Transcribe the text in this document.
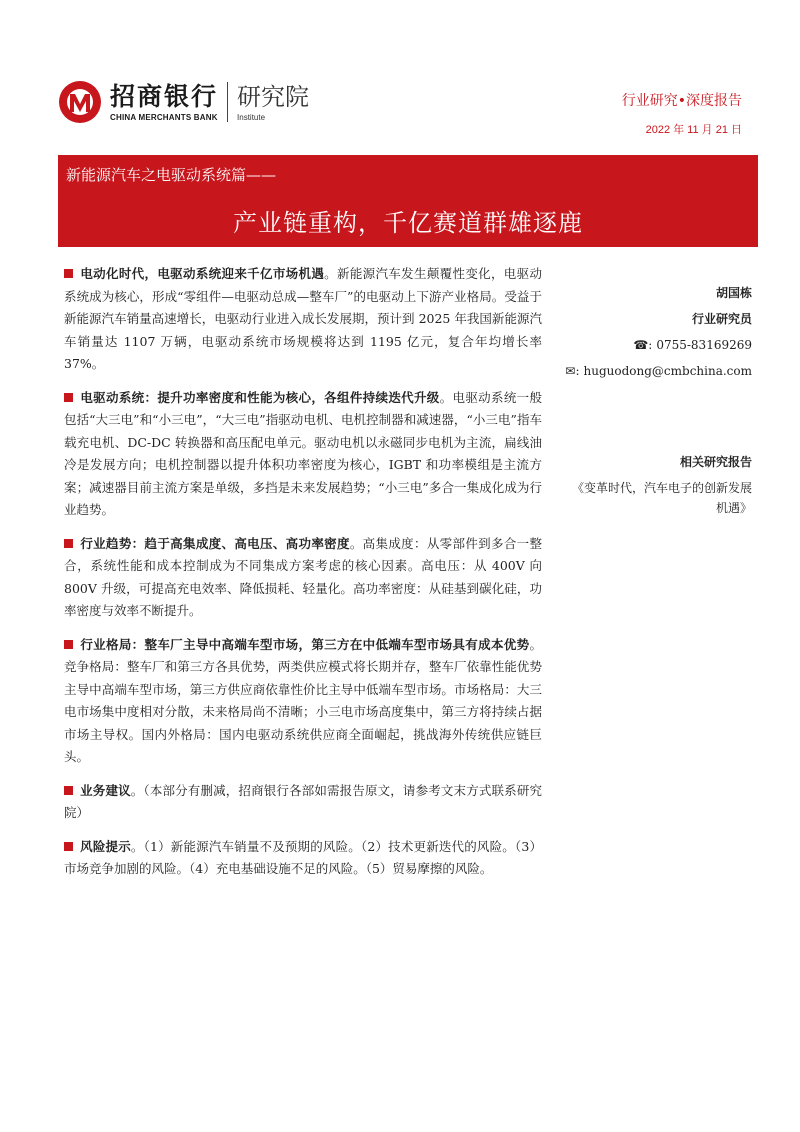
招商银行
CHINA MERCHANTS BANK
研究院
Institute
行业研究•深度报告
2022 年 11 月 21 日
新能源汽车之电驱动系统篇——
产业链重构，千亿赛道群雄逐鹿

电动化时代，电驱动系统迎来千亿市场机遇。新能源汽车发生颠覆性变化，电驱动系统成为核心，形成“零组件—电驱动总成—整车厂”的电驱动上下游产业格局。受益于新能源汽车销量高速增长，电驱动行业进入成长发展期，预计到 2025 年我国新能源汽车销量达 1107 万辆，电驱动系统市场规模将达到 1195 亿元，复合年均增长率 37%。

电驱动系统：提升功率密度和性能为核心，各组件持续迭代升级。电驱动系统一般包括“大三电”和“小三电”，“大三电”指驱动电机、电机控制器和减速器，“小三电”指车载充电机、DC-DC 转换器和高压配电单元。驱动电机以永磁同步电机为主流，扁线油冷是发展方向；电机控制器以提升体积功率密度为核心，IGBT 和功率模组是主流方案；减速器目前主流方案是单级，多挡是未来发展趋势；“小三电”多合一集成化成为行业趋势。

行业趋势：趋于高集成度、高电压、高功率密度。高集成度：从零部件到多合一整合，系统性能和成本控制成为不同集成方案考虑的核心因素。高电压：从 400V 向 800V 升级，可提高充电效率、降低损耗、轻量化。高功率密度：从硅基到碳化硅，功率密度与效率不断提升。

行业格局：整车厂主导中高端车型市场，第三方在中低端车型市场具有成本优势。竞争格局：整车厂和第三方各具优势，两类供应模式将长期并存，整车厂依靠性能优势主导中高端车型市场，第三方供应商依靠性价比主导中低端车型市场。市场格局：大三电市场集中度相对分散，未来格局尚不清晰；小三电市场高度集中，第三方将持续占据市场主导权。国内外格局：国内电驱动系统供应商全面崛起，挑战海外传统供应链巨头。

业务建议。（本部分有删减，招商银行各部如需报告原文，请参考文末方式联系研究院）

风险提示。（1）新能源汽车销量不及预期的风险。（2）技术更新迭代的风险。（3）市场竞争加剧的风险。（4）充电基础设施不足的风险。（5）贸易摩擦的风险。

胡国栋
行业研究员
☎: 0755-83169269
✉: huguodong@cmbchina.com
相关研究报告
《变革时代，汽车电子的创新发展机遇》
